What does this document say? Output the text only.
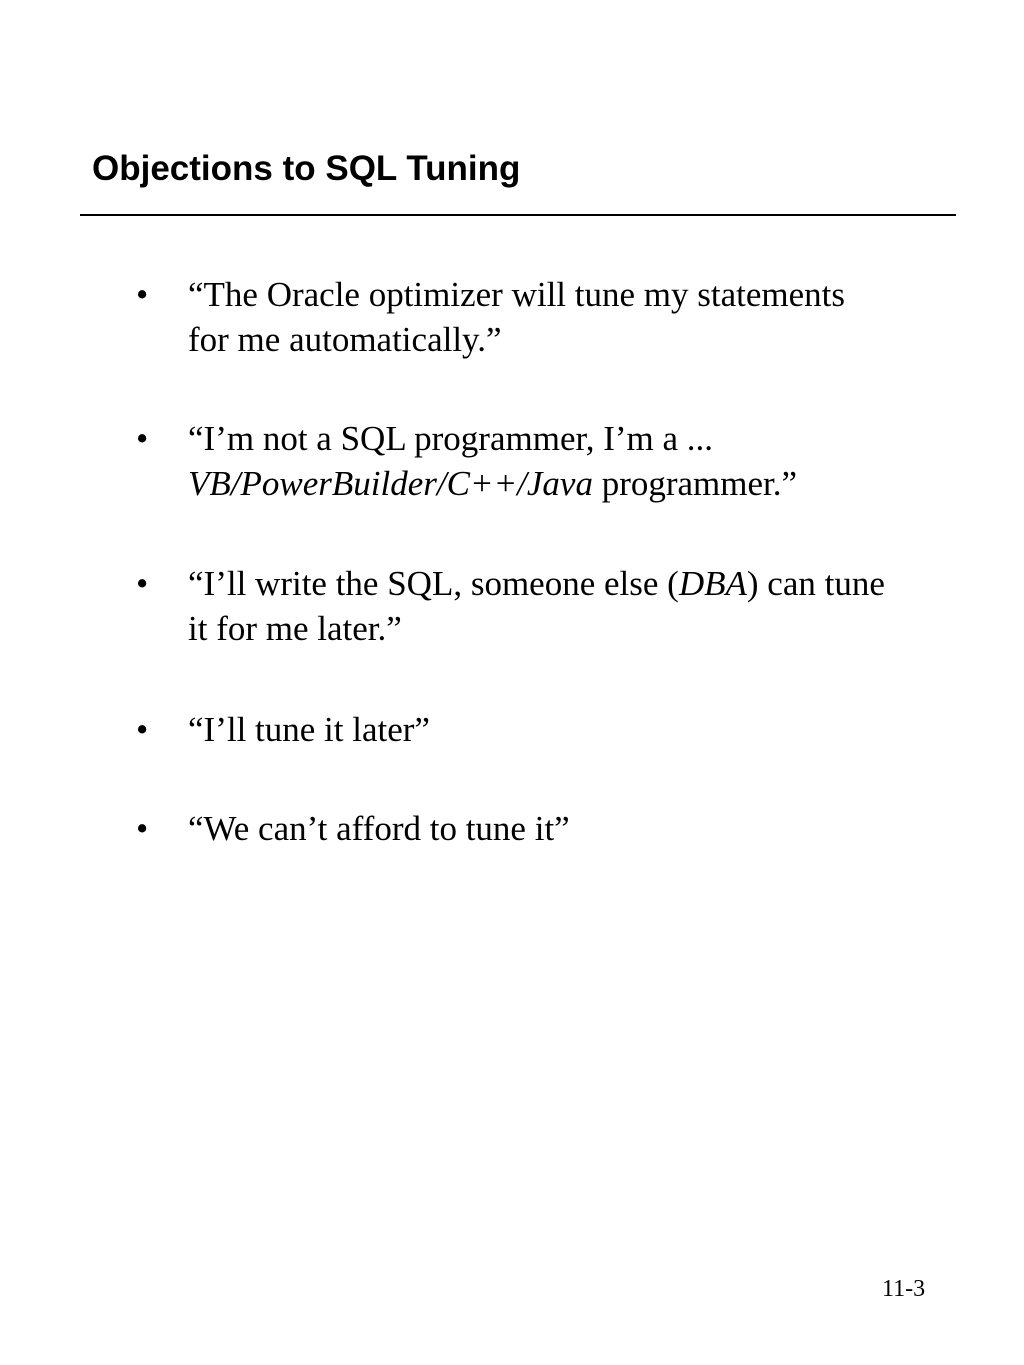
Objections to SQL Tuning
• “The Oracle optimizer will tune my statements
for me automatically.”
• “I’m not a SQL programmer, I’m a ...
VB/PowerBuilder/C++/Java programmer.”
• “I’ll write the SQL, someone else (DBA) can tune
it for me later.”
• “I’ll tune it later”
• “We can’t afford to tune it”
11-3
